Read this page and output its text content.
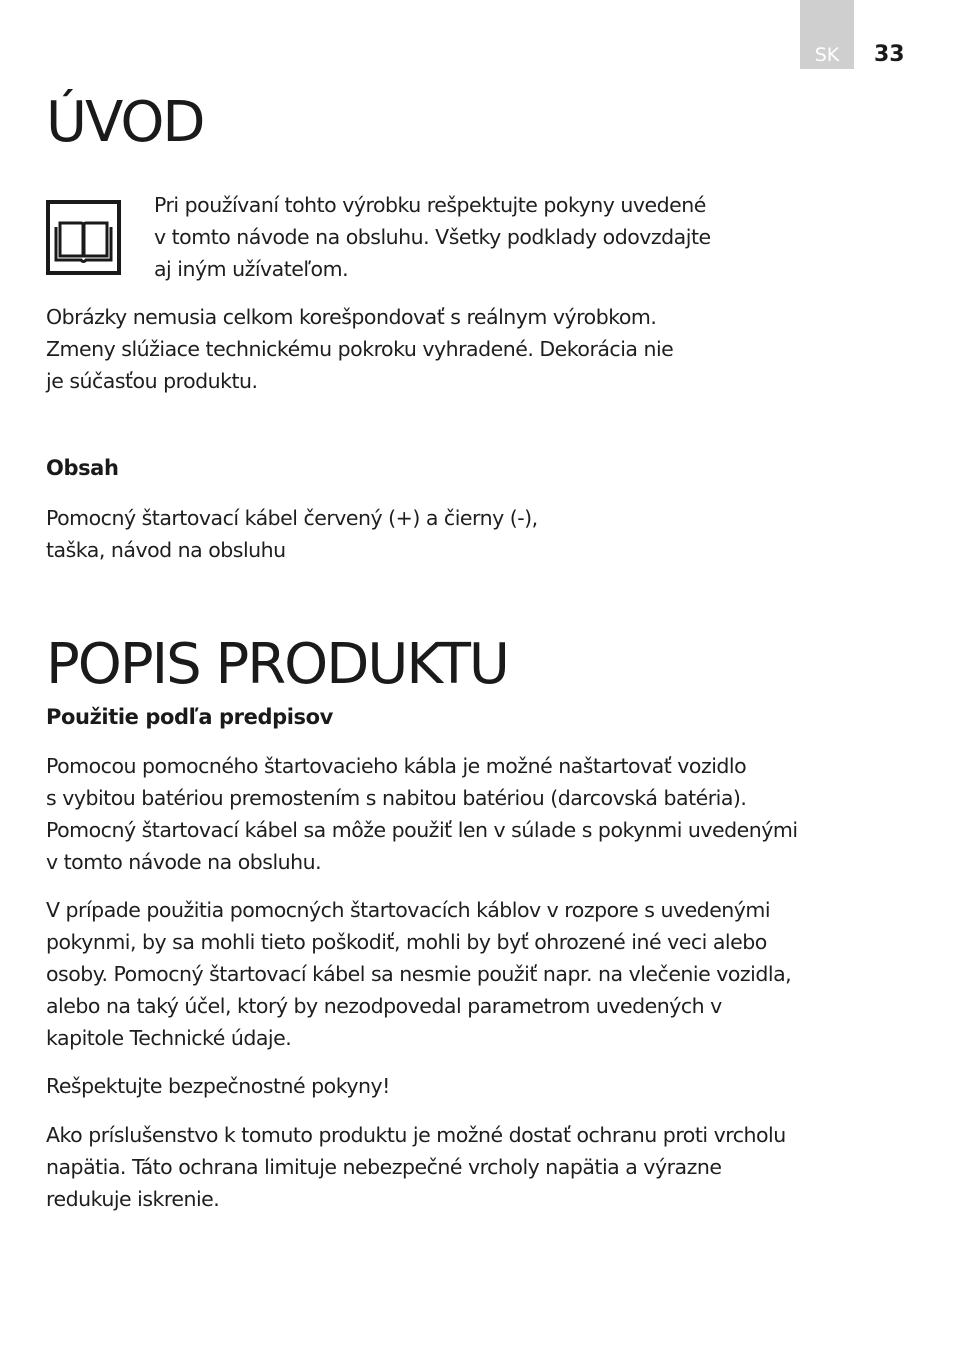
SK	33
ÚVOD

Pri používaní tohto výrobku rešpektujte pokyny uvedené
v tomto návode na obsluhu. Všetky podklady odovzdajte
aj iným užívateľom.

Obrázky nemusia celkom korešpondovať s reálnym výrobkom.
Zmeny slúžiace technickému pokroku vyhradené. Dekorácia nie
je súčasťou produktu.

Obsah

Pomocný štartovací kábel červený (+) a čierny (-),
taška, návod na obsluhu

POPIS PRODUKTU
Použitie podľa predpisov

Pomocou pomocného štartovacieho kábla je možné naštartovať vozidlo
s vybitou batériou premostením s nabitou batériou (darcovská batéria).
Pomocný štartovací kábel sa môže použiť len v súlade s pokynmi uvedenými
v tomto návode na obsluhu.

V prípade použitia pomocných štartovacích káblov v rozpore s uvedenými
pokynmi, by sa mohli tieto poškodiť, mohli by byť ohrozené iné veci alebo
osoby. Pomocný štartovací kábel sa nesmie použiť napr. na vlečenie vozidla,
alebo na taký účel, ktorý by nezodpovedal parametrom uvedených v
kapitole Technické údaje.

Rešpektujte bezpečnostné pokyny!

Ako príslušenstvo k tomuto produktu je možné dostať ochranu proti vrcholu
napätia. Táto ochrana limituje nebezpečné vrcholy napätia a výrazne
redukuje iskrenie.
